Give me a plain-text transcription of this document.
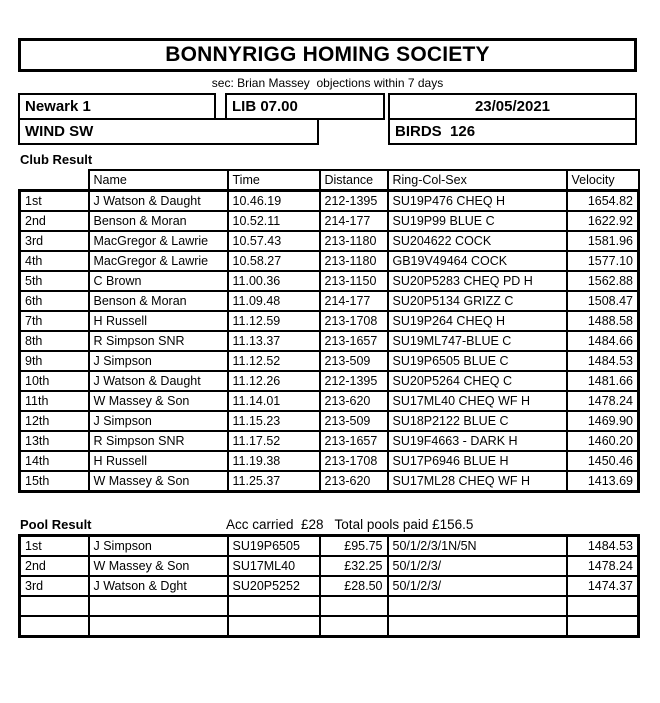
BONNYRIGG HOMING SOCIETY
sec: Brian Massey  objections within 7 days
Newark 1	LIB 07.00	23/05/2021
WIND SW	BIRDS  126
Club Result
	Name	Time	Distance	Ring-Col-Sex	Velocity
1st	J Watson & Daught	10.46.19	212-1395	SU19P476 CHEQ H	1654.82
2nd	Benson & Moran	10.52.11	214-177	SU19P99 BLUE C	1622.92
3rd	MacGregor & Lawrie	10.57.43	213-1180	SU204622 COCK	1581.96
4th	MacGregor & Lawrie	10.58.27	213-1180	GB19V49464 COCK	1577.10
5th	C Brown	11.00.36	213-1150	SU20P5283 CHEQ PD H	1562.88
6th	Benson & Moran	11.09.48	214-177	SU20P5134 GRIZZ C	1508.47
7th	H Russell	11.12.59	213-1708	SU19P264 CHEQ H	1488.58
8th	R Simpson SNR	11.13.37	213-1657	SU19ML747-BLUE C	1484.66
9th	J Simpson	11.12.52	213-509	SU19P6505 BLUE C	1484.53
10th	J Watson & Daught	11.12.26	212-1395	SU20P5264 CHEQ C	1481.66
11th	W Massey & Son	11.14.01	213-620	SU17ML40 CHEQ WF H	1478.24
12th	J Simpson	11.15.23	213-509	SU18P2122 BLUE C	1469.90
13th	R Simpson SNR	11.17.52	213-1657	SU19F4663 - DARK H	1460.20
14th	H Russell	11.19.38	213-1708	SU17P6946 BLUE H	1450.46
15th	W Massey & Son	11.25.37	213-620	SU17ML28 CHEQ WF H	1413.69
Pool Result	Acc carried  £28   Total pools paid £156.5
1st	J Simpson	SU19P6505	£95.75	50/1/2/3/1N/5N	1484.53
2nd	W Massey & Son	SU17ML40	£32.25	50/1/2/3/	1478.24
3rd	J Watson & Dght	SU20P5252	£28.50	50/1/2/3/	1474.37
